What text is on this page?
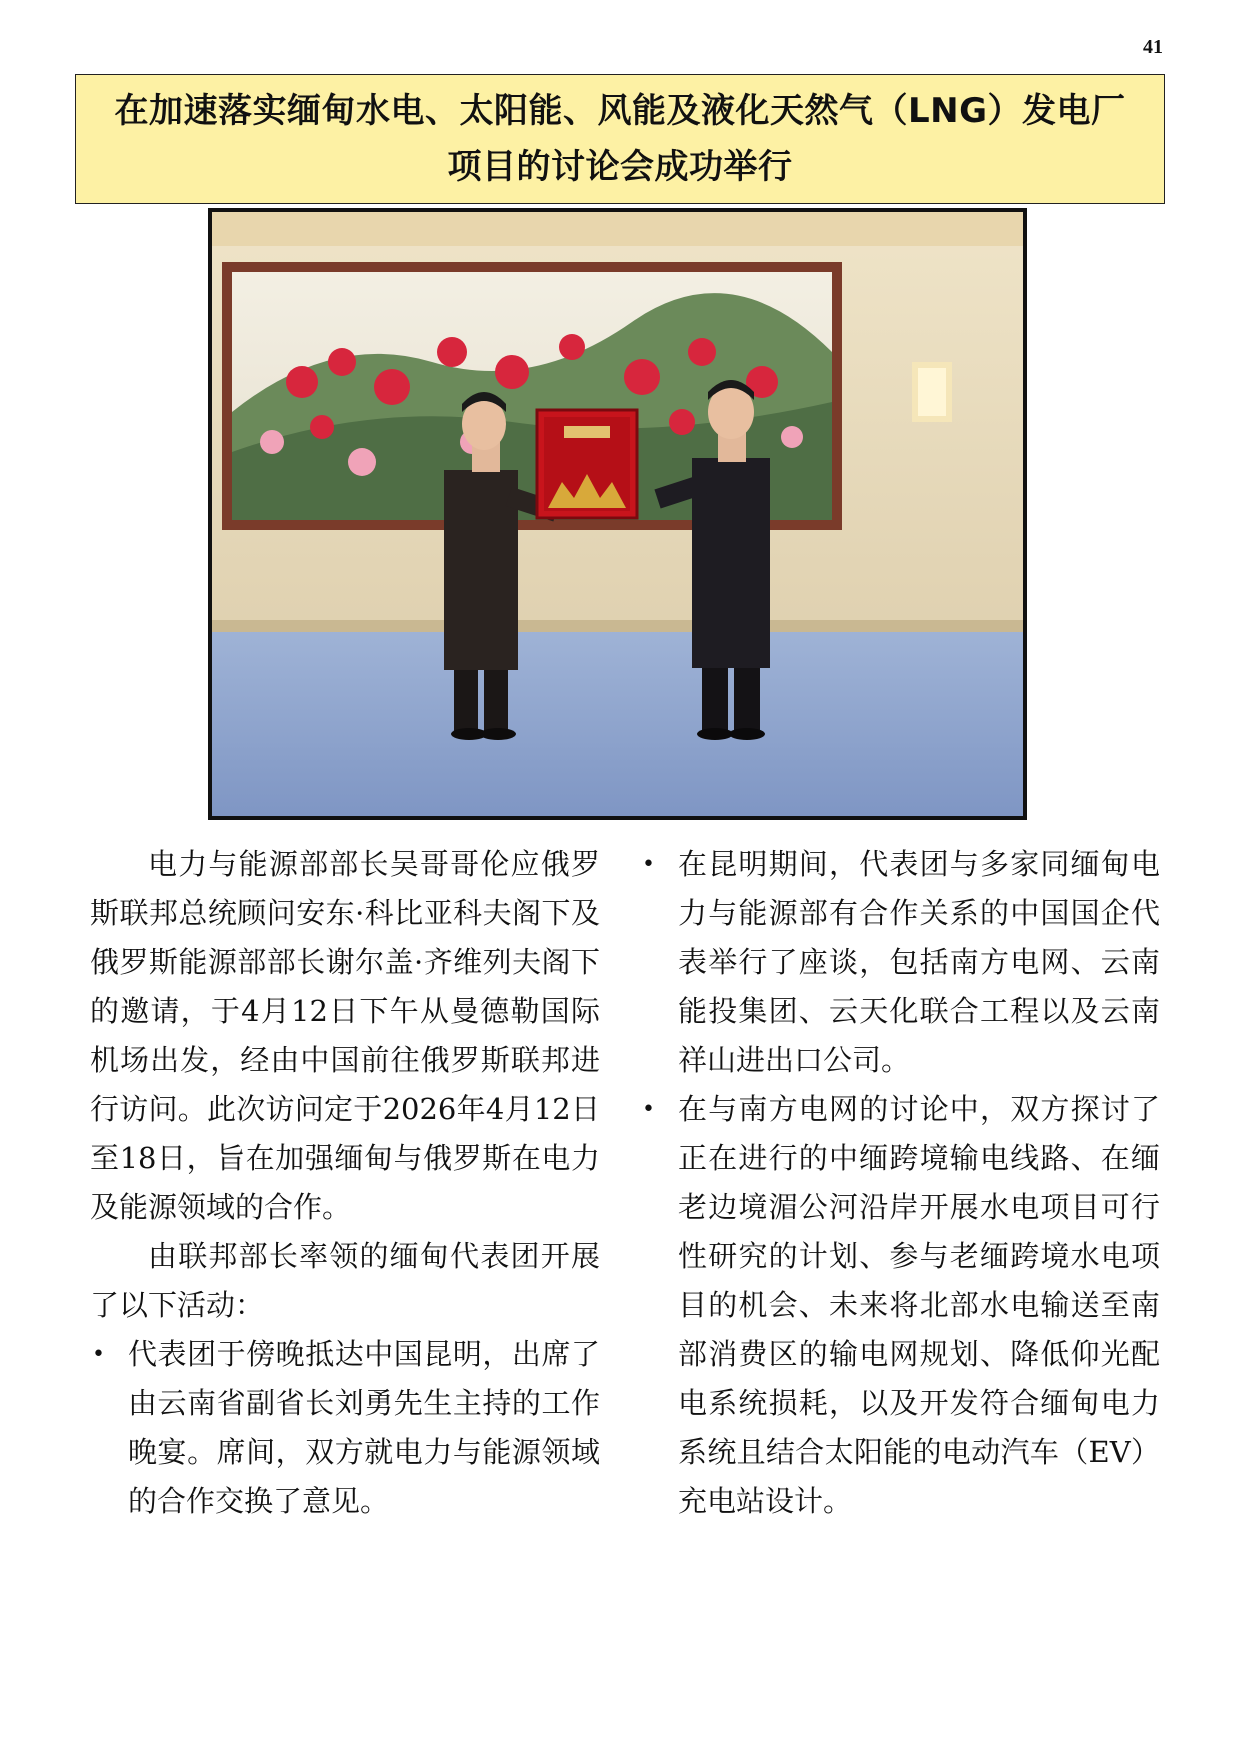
41
在加速落实缅甸水电、太阳能、风能及液化天然气（LNG）发电厂
项目的讨论会成功举行

电力与能源部部长吴哥哥伦应俄罗斯联邦总统顾问安东·科比亚科夫阁下及俄罗斯能源部部长谢尔盖·齐维列夫阁下的邀请，于4月12日下午从曼德勒国际机场出发，经由中国前往俄罗斯联邦进行访问。此次访问定于2026年4月12日至18日，旨在加强缅甸与俄罗斯在电力及能源领域的合作。

由联邦部长率领的缅甸代表团开展了以下活动：

• 代表团于傍晚抵达中国昆明，出席了由云南省副省长刘勇先生主持的工作晚宴。席间，双方就电力与能源领域的合作交换了意见。
• 在昆明期间，代表团与多家同缅甸电力与能源部有合作关系的中国国企代表举行了座谈，包括南方电网、云南能投集团、云天化联合工程以及云南祥山进出口公司。
• 在与南方电网的讨论中，双方探讨了正在进行的中缅跨境输电线路、在缅老边境湄公河沿岸开展水电项目可行性研究的计划、参与老缅跨境水电项目的机会、未来将北部水电输送至南部消费区的输电网规划、降低仰光配电系统损耗，以及开发符合缅甸电力系统且结合太阳能的电动汽车（EV）充电站设计。
